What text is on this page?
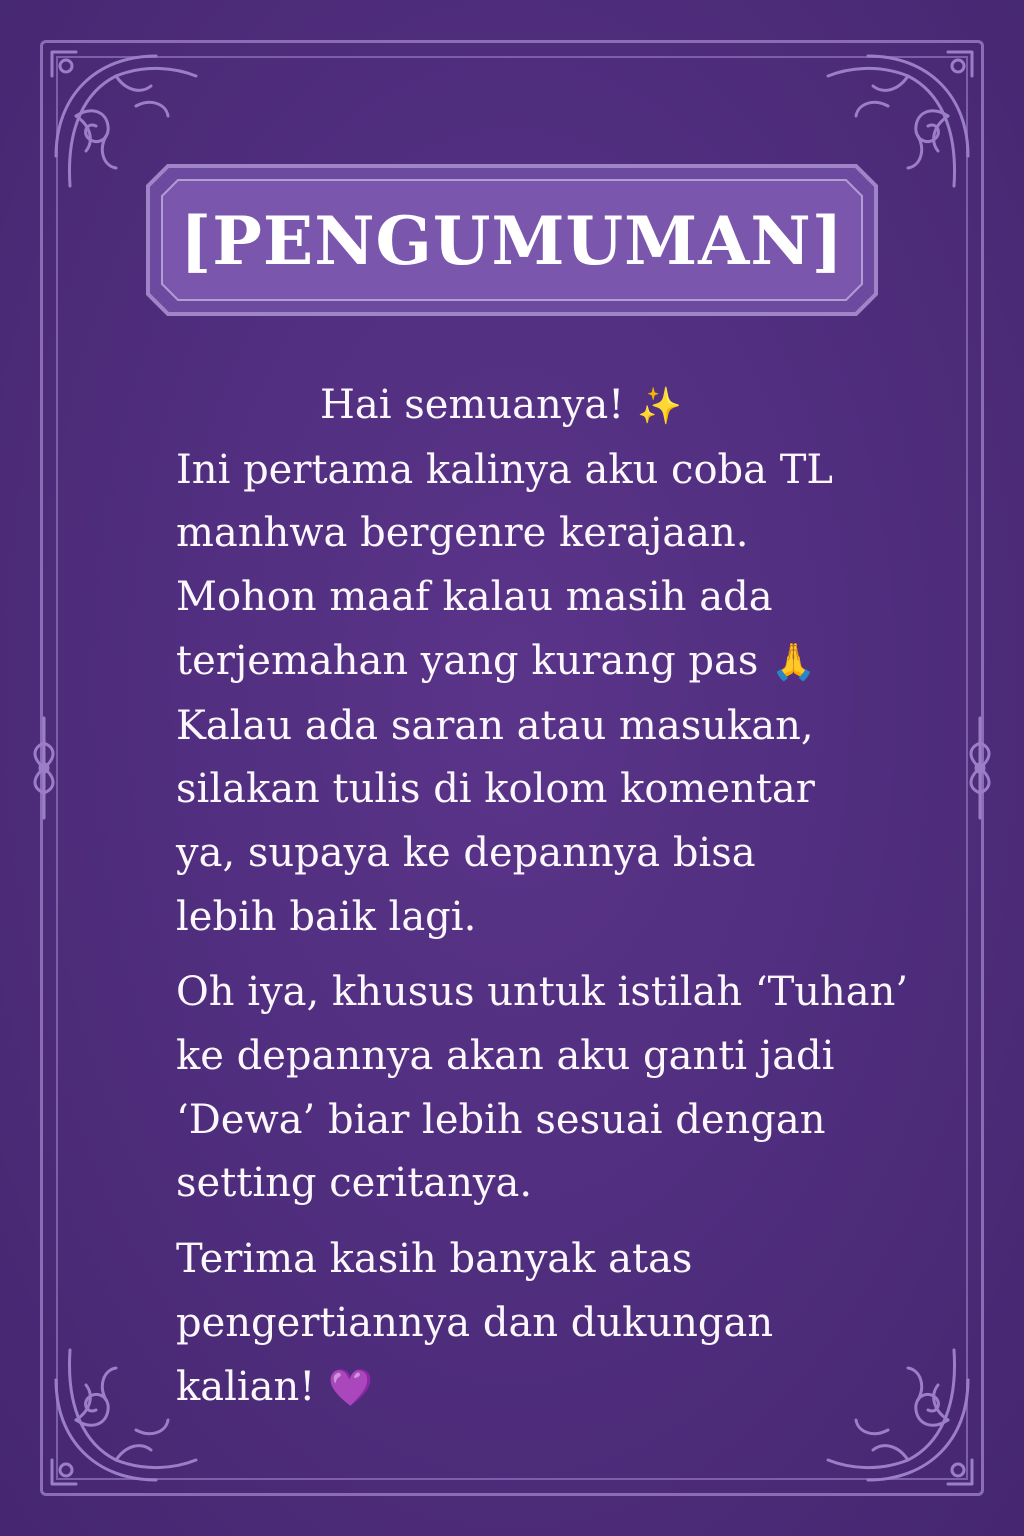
[PENGUMUMAN]
Hai semuanya! ✨
Ini pertama kalinya aku coba TL
manhwa bergenre kerajaan.
Mohon maaf kalau masih ada
terjemahan yang kurang pas 🙏
Kalau ada saran atau masukan,
silakan tulis di kolom komentar
ya, supaya ke depannya bisa
lebih baik lagi.
Oh iya, khusus untuk istilah ‘Tuhan’
ke depannya akan aku ganti jadi
‘Dewa’ biar lebih sesuai dengan
setting ceritanya.
Terima kasih banyak atas
pengertiannya dan dukungan
kalian! 💜
